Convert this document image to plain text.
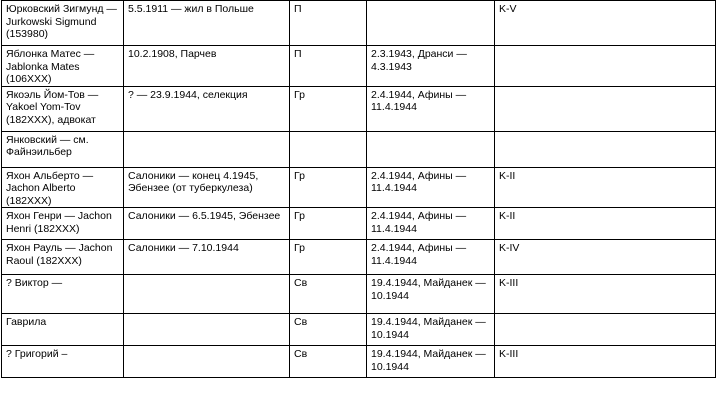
Юрковский Зигмунд — Jurkowski Sigmund (153980)	5.5.1911 — жил в Польше	П		K-V
Яблонка Матес — Jablonka Mates (106XXX)	10.2.1908, Парчев	П	2.3.1943, Дранси — 4.3.1943	
Якоэль Йом-Тов — Yakoel Yom-Tov (182XXX), адвокат	? — 23.9.1944, селекция	Гр	2.4.1944, Афины — 11.4.1944	
Янковский — см. Файнэильбер				
Яхон Альберто — Jachon Alberto (182XXX)	Салоники — конец 4.1945, Эбензее (от туберкулеза)	Гр	2.4.1944, Афины — 11.4.1944	K-II
Яхон Генри — Jachon Henri (182XXX)	Салоники — 6.5.1945, Эбензее	Гр	2.4.1944, Афины — 11.4.1944	K-II
Яхон Рауль — Jachon Raoul (182XXX)	Салоники — 7.10.1944	Гр	2.4.1944, Афины — 11.4.1944	K-IV
? Виктор —		Св	19.4.1944, Майданек — 10.1944	K-III
Гаврила		Св	19.4.1944, Майданек — 10.1944	
? Григорий –		Св	19.4.1944, Майданек — 10.1944	K-III
